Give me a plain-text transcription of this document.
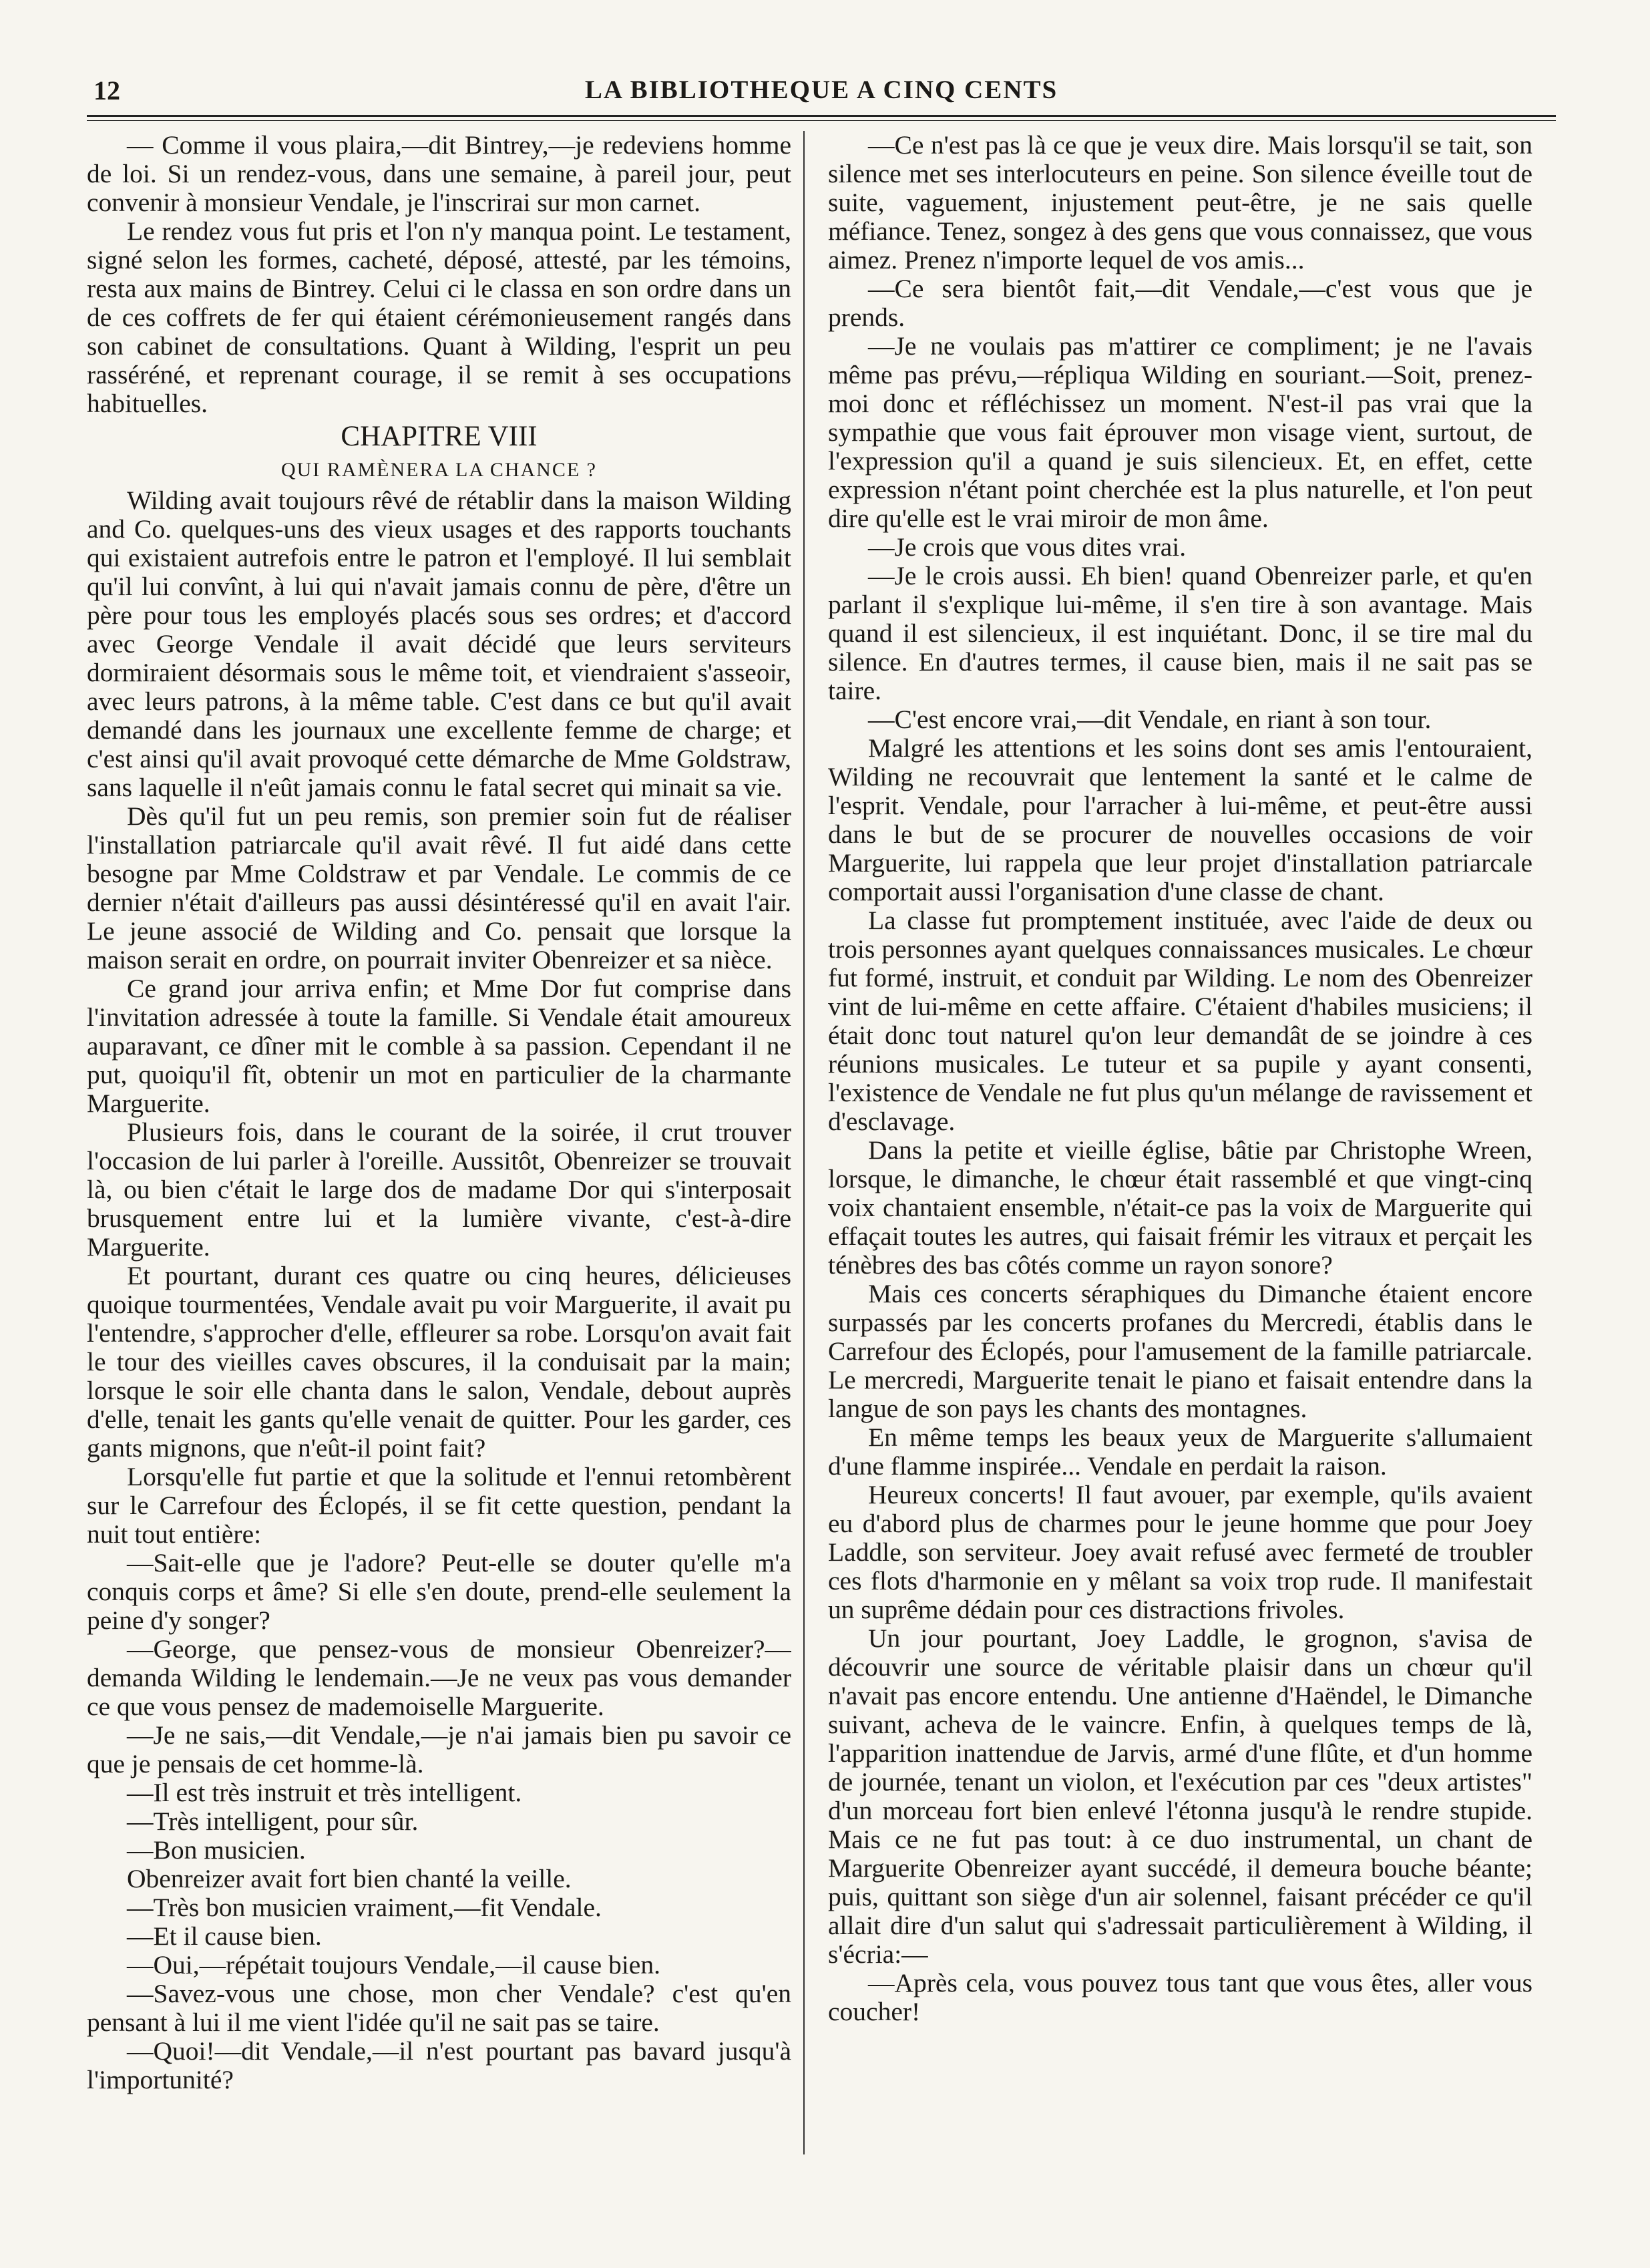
12	LA BIBLIOTHEQUE A CINQ CENTS

— Comme il vous plaira,—dit Bintrey,—je redeviens homme de loi. Si un rendez-vous, dans une semaine, à pareil jour, peut convenir à monsieur Vendale, je l'inscrirai sur mon carnet.

Le rendez vous fut pris et l'on n'y manqua point. Le testament, signé selon les formes, cacheté, déposé, attesté, par les témoins, resta aux mains de Bintrey. Celui ci le classa en son ordre dans un de ces coffrets de fer qui étaient cérémonieusement rangés dans son cabinet de consultations. Quant à Wilding, l'esprit un peu rasséréné, et reprenant courage, il se remit à ses occupations habituelles.

CHAPITRE VIII
QUI RAMÈNERA LA CHANCE ?

Wilding avait toujours rêvé de rétablir dans la maison Wilding and Co. quelques-uns des vieux usages et des rapports touchants qui existaient autrefois entre le patron et l'employé. Il lui semblait qu'il lui convînt, à lui qui n'avait jamais connu de père, d'être un père pour tous les employés placés sous ses ordres; et d'accord avec George Vendale il avait décidé que leurs serviteurs dormiraient désormais sous le même toit, et viendraient s'asseoir, avec leurs patrons, à la même table. C'est dans ce but qu'il avait demandé dans les journaux une excellente femme de charge; et c'est ainsi qu'il avait provoqué cette démarche de Mme Goldstraw, sans laquelle il n'eût jamais connu le fatal secret qui minait sa vie.

Dès qu'il fut un peu remis, son premier soin fut de réaliser l'installation patriarcale qu'il avait rêvé. Il fut aidé dans cette besogne par Mme Coldstraw et par Vendale. Le commis de ce dernier n'était d'ailleurs pas aussi désintéressé qu'il en avait l'air. Le jeune associé de Wilding and Co. pensait que lorsque la maison serait en ordre, on pourrait inviter Obenreizer et sa nièce.

Ce grand jour arriva enfin; et Mme Dor fut comprise dans l'invitation adressée à toute la famille. Si Vendale était amoureux auparavant, ce dîner mit le comble à sa passion. Cependant il ne put, quoiqu'il fît, obtenir un mot en particulier de la charmante Marguerite.

Plusieurs fois, dans le courant de la soirée, il crut trouver l'occasion de lui parler à l'oreille. Aussitôt, Obenreizer se trouvait là, ou bien c'était le large dos de madame Dor qui s'interposait brusquement entre lui et la lumière vivante, c'est-à-dire Marguerite.

Et pourtant, durant ces quatre ou cinq heures, délicieuses quoique tourmentées, Vendale avait pu voir Marguerite, il avait pu l'entendre, s'approcher d'elle, effleurer sa robe. Lorsqu'on avait fait le tour des vieilles caves obscures, il la conduisait par la main; lorsque le soir elle chanta dans le salon, Vendale, debout auprès d'elle, tenait les gants qu'elle venait de quitter. Pour les garder, ces gants mignons, que n'eût-il point fait?

Lorsqu'elle fut partie et que la solitude et l'ennui retombèrent sur le Carrefour des Éclopés, il se fit cette question, pendant la nuit tout entière:

—Sait-elle que je l'adore? Peut-elle se douter qu'elle m'a conquis corps et âme? Si elle s'en doute, prend-elle seulement la peine d'y songer?

—George, que pensez-vous de monsieur Obenreizer?—demanda Wilding le lendemain.—Je ne veux pas vous demander ce que vous pensez de mademoiselle Marguerite.

—Je ne sais,—dit Vendale,—je n'ai jamais bien pu savoir ce que je pensais de cet homme-là.

—Il est très instruit et très intelligent.

—Très intelligent, pour sûr.

—Bon musicien.

Obenreizer avait fort bien chanté la veille.

—Très bon musicien vraiment,—fit Vendale.

—Et il cause bien.

—Oui,—répétait toujours Vendale,—il cause bien.

—Savez-vous une chose, mon cher Vendale? c'est qu'en pensant à lui il me vient l'idée qu'il ne sait pas se taire.

—Quoi!—dit Vendale,—il n'est pourtant pas bavard jusqu'à l'importunité?

—Ce n'est pas là ce que je veux dire. Mais lorsqu'il se tait, son silence met ses interlocuteurs en peine. Son silence éveille tout de suite, vaguement, injustement peut-être, je ne sais quelle méfiance. Tenez, songez à des gens que vous connaissez, que vous aimez. Prenez n'importe lequel de vos amis...

—Ce sera bientôt fait,—dit Vendale,—c'est vous que je prends.

—Je ne voulais pas m'attirer ce compliment; je ne l'avais même pas prévu,—répliqua Wilding en souriant.—Soit, prenez-moi donc et réfléchissez un moment. N'est-il pas vrai que la sympathie que vous fait éprouver mon visage vient, surtout, de l'expression qu'il a quand je suis silencieux. Et, en effet, cette expression n'étant point cherchée est la plus naturelle, et l'on peut dire qu'elle est le vrai miroir de mon âme.

—Je crois que vous dites vrai.

—Je le crois aussi. Eh bien! quand Obenreizer parle, et qu'en parlant il s'explique lui-même, il s'en tire à son avantage. Mais quand il est silencieux, il est inquiétant. Donc, il se tire mal du silence. En d'autres termes, il cause bien, mais il ne sait pas se taire.

—C'est encore vrai,—dit Vendale, en riant à son tour.

Malgré les attentions et les soins dont ses amis l'entouraient, Wilding ne recouvrait que lentement la santé et le calme de l'esprit. Vendale, pour l'arracher à lui-même, et peut-être aussi dans le but de se procurer de nouvelles occasions de voir Marguerite, lui rappela que leur projet d'installation patriarcale comportait aussi l'organisation d'une classe de chant.

La classe fut promptement instituée, avec l'aide de deux ou trois personnes ayant quelques connaissances musicales. Le chœur fut formé, instruit, et conduit par Wilding. Le nom des Obenreizer vint de lui-même en cette affaire. C'étaient d'habiles musiciens; il était donc tout naturel qu'on leur demandât de se joindre à ces réunions musicales. Le tuteur et sa pupile y ayant consenti, l'existence de Vendale ne fut plus qu'un mélange de ravissement et d'esclavage.

Dans la petite et vieille église, bâtie par Christophe Wreen, lorsque, le dimanche, le chœur était rassemblé et que vingt-cinq voix chantaient ensemble, n'était-ce pas la voix de Marguerite qui effaçait toutes les autres, qui faisait frémir les vitraux et perçait les ténèbres des bas côtés comme un rayon sonore?

Mais ces concerts séraphiques du Dimanche étaient encore surpassés par les concerts profanes du Mercredi, établis dans le Carrefour des Éclopés, pour l'amusement de la famille patriarcale. Le mercredi, Marguerite tenait le piano et faisait entendre dans la langue de son pays les chants des montagnes.

En même temps les beaux yeux de Marguerite s'allumaient d'une flamme inspirée... Vendale en perdait la raison.

Heureux concerts! Il faut avouer, par exemple, qu'ils avaient eu d'abord plus de charmes pour le jeune homme que pour Joey Laddle, son serviteur. Joey avait refusé avec fermeté de troubler ces flots d'harmonie en y mêlant sa voix trop rude. Il manifestait un suprême dédain pour ces distractions frivoles.

Un jour pourtant, Joey Laddle, le grognon, s'avisa de découvrir une source de véritable plaisir dans un chœur qu'il n'avait pas encore entendu. Une antienne d'Haëndel, le Dimanche suivant, acheva de le vaincre. Enfin, à quelques temps de là, l'apparition inattendue de Jarvis, armé d'une flûte, et d'un homme de journée, tenant un violon, et l'exécution par ces "deux artistes" d'un morceau fort bien enlevé l'étonna jusqu'à le rendre stupide. Mais ce ne fut pas tout: à ce duo instrumental, un chant de Marguerite Obenreizer ayant succédé, il demeura bouche béante; puis, quittant son siège d'un air solennel, faisant précéder ce qu'il allait dire d'un salut qui s'adressait particulièrement à Wilding, il s'écria:—

—Après cela, vous pouvez tous tant que vous êtes, aller vous coucher!
